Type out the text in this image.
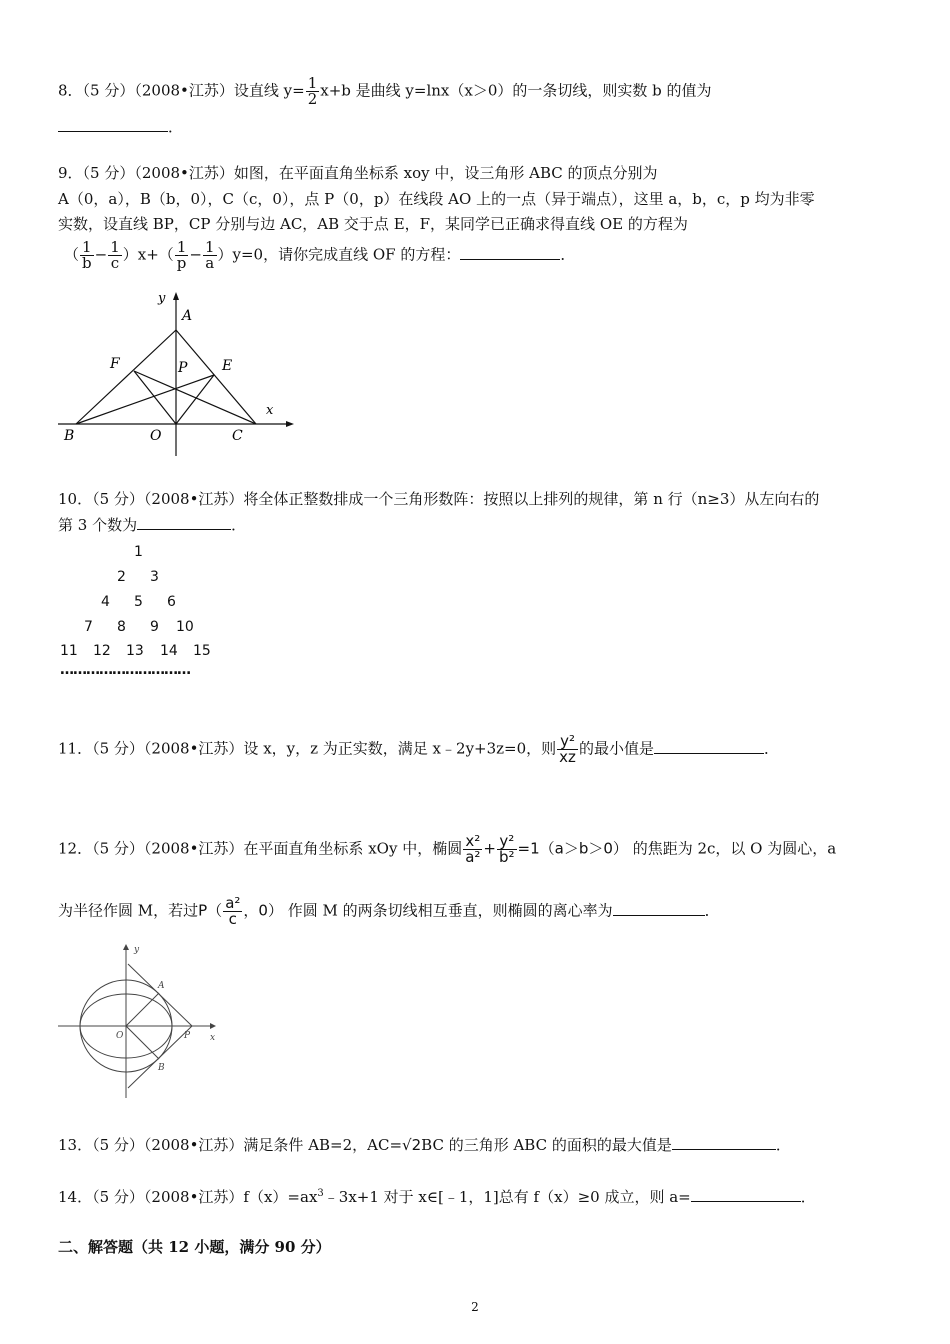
8．（5 分）（2008•江苏）设直线 $y= \frac{1}{2} x+b$ 是曲线 y=lnx（x＞0）的一条切线，则实数 b 的值为
．
9．（5 分）（2008•江苏）如图，在平面直角坐标系 xoy 中，设三角形 ABC 的顶点分别为
A（0，a），B（b，0），C（c，0），点 P（0，p）在线段 AO 上的一点（异于端点），这里 a，b，c，p 均为非零
实数，设直线 BP，CP 分别与边 AC，AB 交于点 E，F，某同学已正确求得直线 OE 的方程为
（ $\frac{1}{b} - \frac{1}{c} )x+( \frac{1}{p} - \frac{1}{a} )y=0$，请你完成直线 OF 的方程：	．
y
x
A
F	P E
B	O	C
10．（5 分）（2008•江苏）将全体正整数排成一个三角形数阵：按照以上排列的规律，第 n 行（n≥3）从左向右的
第 3 个数为	．
1
2 3
4 5 6
7 8 9 10
11 12 13 14 15
…………………………
11．（5 分）（2008•江苏）设 x，y，z 为正实数，满足 x﹣2y+3z=0，则 $\frac{\text{y²}}{xz}$ 的最小值是	．
12．（5 分）（2008•江苏）在平面直角坐标系 xOy 中，椭圆 $\frac{\text{x²}}{\text{a²}} + \frac{\text{y²}}{\text{b²}} =1(a>b>0)$ 的焦距为 2c，以 O 为圆心，a
为半径作圆 M，若过$P( \frac{\text{a²}}{c}$ ，0） 作圆 M 的两条切线相互垂直，则椭圆的离心率为	．
y
x
O
A
B
P
13．（5 分）（2008•江苏）满足条件 AB=2，AC=√2BC 的三角形 ABC 的面积的最大值是	．
14．（5 分）（2008•江苏）$f(x)=ax^3﹣3x+1$ 对于 x∈[﹣1，1]总有 f（x）≥0 成立，则 a=	．
二、解答题（共 12 小题，满分 90 分）
2
